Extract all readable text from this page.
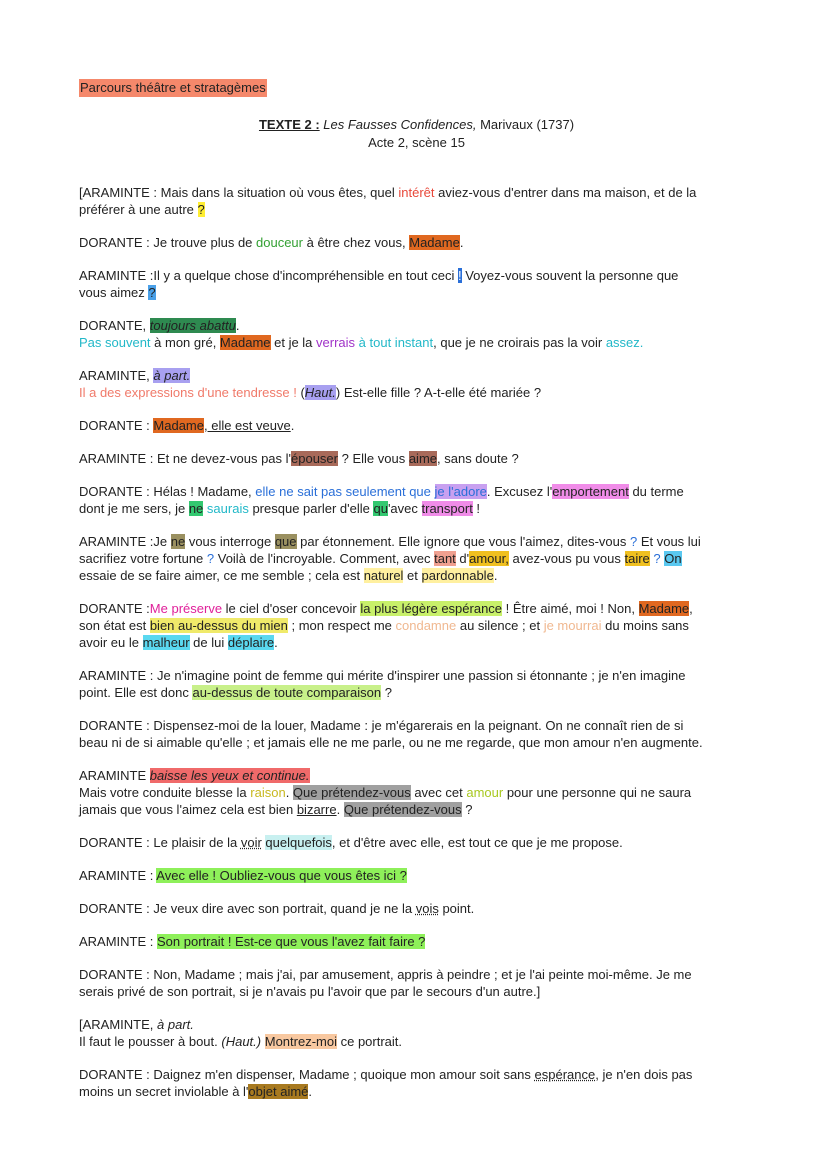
Parcours théâtre et stratagèmes
TEXTE 2 : Les Fausses Confidences, Marivaux (1737)
Acte 2, scène 15

[ARAMINTE : Mais dans la situation où vous êtes, quel intérêt aviez-vous d'entrer dans ma maison, et de la
préférer à une autre ?

DORANTE : Je trouve plus de douceur à être chez vous, Madame.

ARAMINTE :Il y a quelque chose d'incompréhensible en tout ceci ! Voyez-vous souvent la personne que
vous aimez ?

DORANTE, toujours abattu.
Pas souvent à mon gré, Madame et je la verrais à tout instant, que je ne croirais pas la voir assez.

ARAMINTE, à part.
Il a des expressions d'une tendresse ! (Haut.) Est-elle fille ? A-t-elle été mariée ?

DORANTE : Madame, elle est veuve.

ARAMINTE : Et ne devez-vous pas l'épouser ? Elle vous aime, sans doute ?

DORANTE : Hélas ! Madame, elle ne sait pas seulement que je l'adore. Excusez l'emportement du terme
dont je me sers, je ne saurais presque parler d'elle qu'avec transport !

ARAMINTE :Je ne vous interroge que par étonnement. Elle ignore que vous l'aimez, dites-vous ? Et vous lui
sacrifiez votre fortune ? Voilà de l'incroyable. Comment, avec tant d'amour, avez-vous pu vous taire ? On
essaie de se faire aimer, ce me semble ; cela est naturel et pardonnable.

DORANTE :Me préserve le ciel d'oser concevoir la plus légère espérance ! Être aimé, moi ! Non, Madame,
son état est bien au-dessus du mien ; mon respect me condamne au silence ; et je mourrai du moins sans
avoir eu le malheur de lui déplaire.

ARAMINTE : Je n'imagine point de femme qui mérite d'inspirer une passion si étonnante ; je n'en imagine
point. Elle est donc au-dessus de toute comparaison ?

DORANTE : Dispensez-moi de la louer, Madame : je m'égarerais en la peignant. On ne connaît rien de si
beau ni de si aimable qu'elle ; et jamais elle ne me parle, ou ne me regarde, que mon amour n'en augmente.

ARAMINTE baisse les yeux et continue.
Mais votre conduite blesse la raison. Que prétendez-vous avec cet amour pour une personne qui ne saura
jamais que vous l'aimez cela est bien bizarre. Que prétendez-vous ?

DORANTE : Le plaisir de la voir quelquefois, et d'être avec elle, est tout ce que je me propose.

ARAMINTE : Avec elle ! Oubliez-vous que vous êtes ici ?

DORANTE : Je veux dire avec son portrait, quand je ne la vois point.

ARAMINTE : Son portrait ! Est-ce que vous l'avez fait faire ?

DORANTE : Non, Madame ; mais j'ai, par amusement, appris à peindre ; et je l'ai peinte moi-même. Je me
serais privé de son portrait, si je n'avais pu l'avoir que par le secours d'un autre.]

[ARAMINTE, à part.
Il faut le pousser à bout. (Haut.) Montrez-moi ce portrait.

DORANTE : Daignez m'en dispenser, Madame ; quoique mon amour soit sans espérance, je n'en dois pas
moins un secret inviolable à l'objet aimé.
